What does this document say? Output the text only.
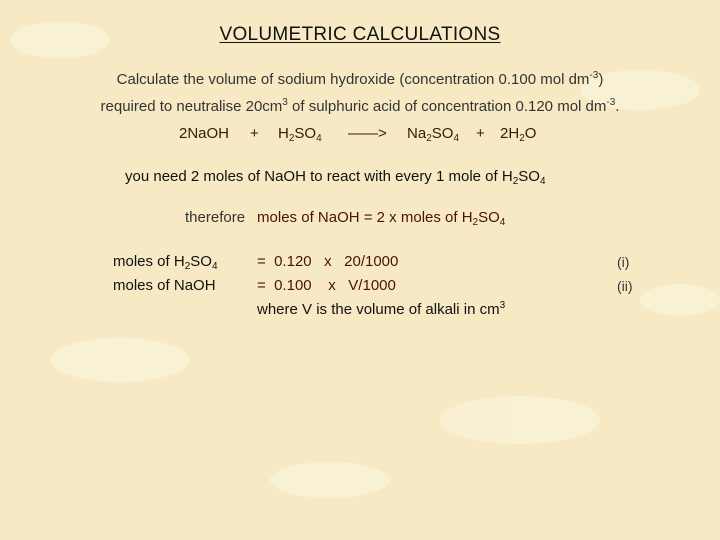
VOLUMETRIC CALCULATIONS
Calculate the volume of sodium hydroxide (concentration 0.100 mol $dm^{-3}$)
required to neutralise $20cm^3$ of sulphuric acid of concentration 0.120 mol $dm^{-3}$.
2NaOH + $H_2SO_4$ ——> $Na_2SO_4 + 2H_2O$
you need 2 moles of NaOH to react with every 1 mole of $H_2SO_4$
therefore moles of NaOH = 2 x moles of $H_2SO_4$
moles of $H_2SO_4$
moles of NaOH
=  0.120   x   20/1000
=  0.100    x   V/1000
where V is the volume of alkali in $cm^3$
(i)
(ii)
